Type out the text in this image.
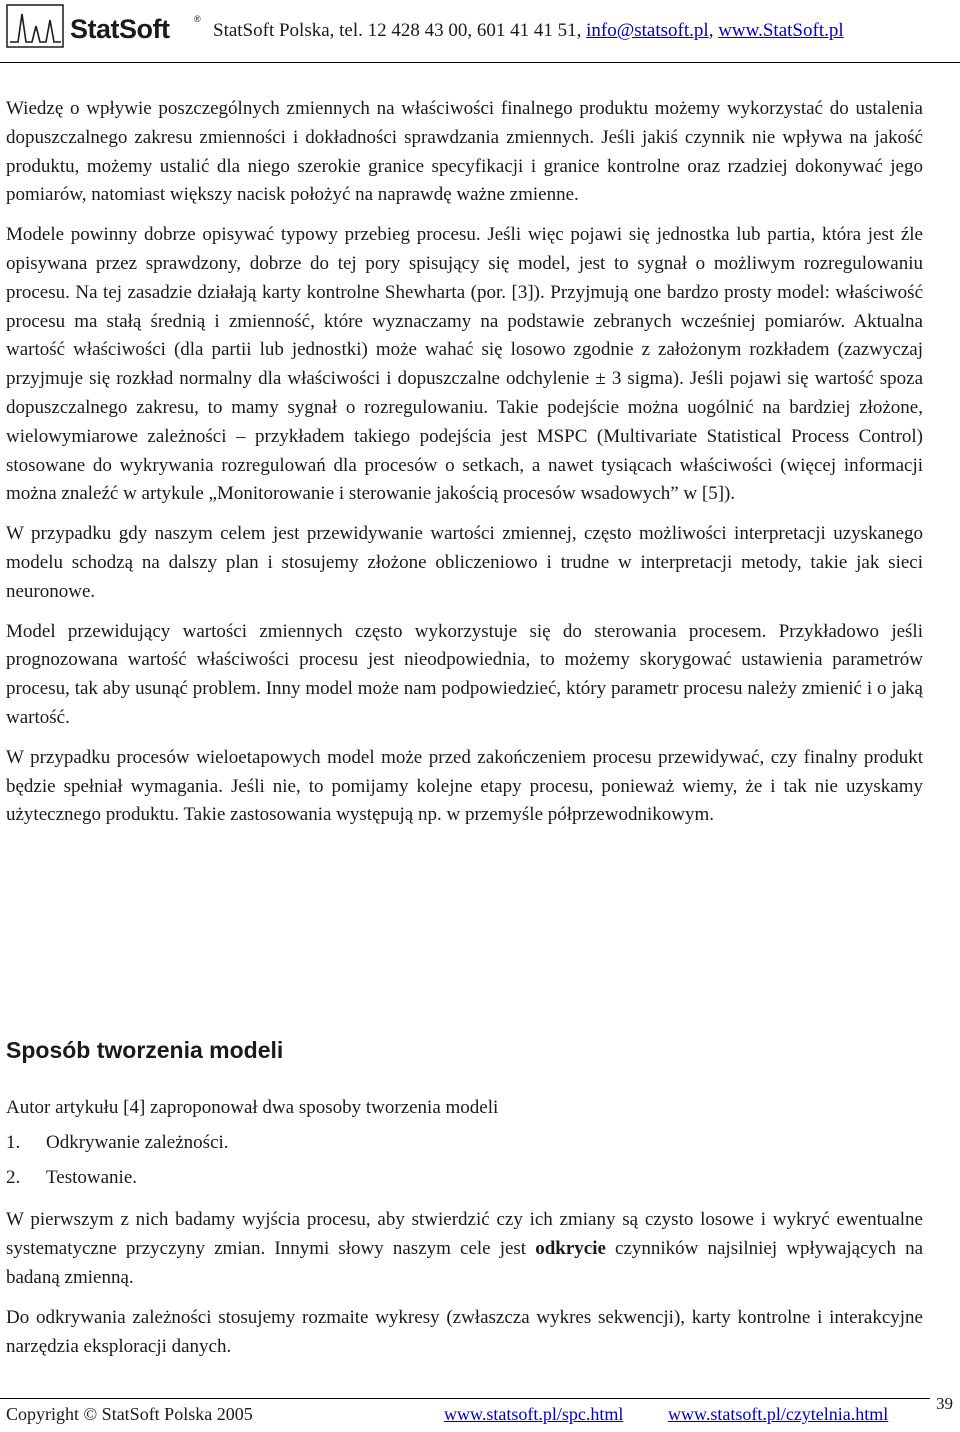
StatSoft	®
StatSoft Polska, tel. 12 428 43 00, 601 41 41 51, info@statsoft.pl, www.StatSoft.pl

Wiedzę o wpływie poszczególnych zmiennych na właściwości finalnego produktu możemy wykorzystać do ustalenia dopuszczalnego zakresu zmienności i dokładności sprawdzania zmiennych. Jeśli jakiś czynnik nie wpływa na jakość produktu, możemy ustalić dla niego szerokie granice specyfikacji i granice kontrolne oraz rzadziej dokonywać jego pomiarów, natomiast większy nacisk położyć na naprawdę ważne zmienne.

Modele powinny dobrze opisywać typowy przebieg procesu. Jeśli więc pojawi się jednostka lub partia, która jest źle opisywana przez sprawdzony, dobrze do tej pory spisujący się model, jest to sygnał o możliwym rozregulowaniu procesu. Na tej zasadzie działają karty kontrolne Shewharta (por. [3]). Przyjmują one bardzo prosty model: właściwość procesu ma stałą średnią i zmienność, które wyznaczamy na podstawie zebranych wcześniej pomiarów. Aktualna wartość właściwości (dla partii lub jednostki) może wahać się losowo zgodnie z założonym rozkładem (zazwyczaj przyjmuje się rozkład normalny dla właściwości i dopuszczalne odchylenie ± 3 sigma). Jeśli pojawi się wartość spoza dopuszczalnego zakresu, to mamy sygnał o rozregulowaniu. Takie podejście można uogólnić na bardziej złożone, wielowymiarowe zależności – przykładem takiego podejścia jest MSPC (Multivariate Statistical Process Control) stosowane do wykrywania rozregulowań dla procesów o setkach, a nawet tysiącach właściwości (więcej informacji można znaleźć w artykule „Monitorowanie i sterowanie jakością procesów wsadowych” w [5]).

W przypadku gdy naszym celem jest przewidywanie wartości zmiennej, często możliwości interpretacji uzyskanego modelu schodzą na dalszy plan i stosujemy złożone obliczeniowo i trudne w interpretacji metody, takie jak sieci neuronowe.

Model przewidujący wartości zmiennych często wykorzystuje się do sterowania procesem. Przykładowo jeśli prognozowana wartość właściwości procesu jest nieodpowiednia, to możemy skorygować ustawienia parametrów procesu, tak aby usunąć problem. Inny model może nam podpowiedzieć, który parametr procesu należy zmienić i o jaką wartość.

W przypadku procesów wieloetapowych model może przed zakończeniem procesu przewidywać, czy finalny produkt będzie spełniał wymagania. Jeśli nie, to pomijamy kolejne etapy procesu, ponieważ wiemy, że i tak nie uzyskamy użytecznego produktu. Takie zastosowania występują np. w przemyśle półprzewodnikowym.

Sposób tworzenia modeli

Autor artykułu [4] zaproponował dwa sposoby tworzenia modeli

1.	Odkrywanie zależności.
2.	Testowanie.

W pierwszym z nich badamy wyjścia procesu, aby stwierdzić czy ich zmiany są czysto losowe i wykryć ewentualne systematyczne przyczyny zmian. Innymi słowy naszym cele jest odkrycie czynników najsilniej wpływających na badaną zmienną.

Do odkrywania zależności stosujemy rozmaite wykresy (zwłaszcza wykres sekwencji), karty kontrolne i interakcyjne narzędzia eksploracji danych.

Copyright © StatSoft Polska 2005	www.statsoft.pl/spc.html www.statsoft.pl/czytelnia.html
39
